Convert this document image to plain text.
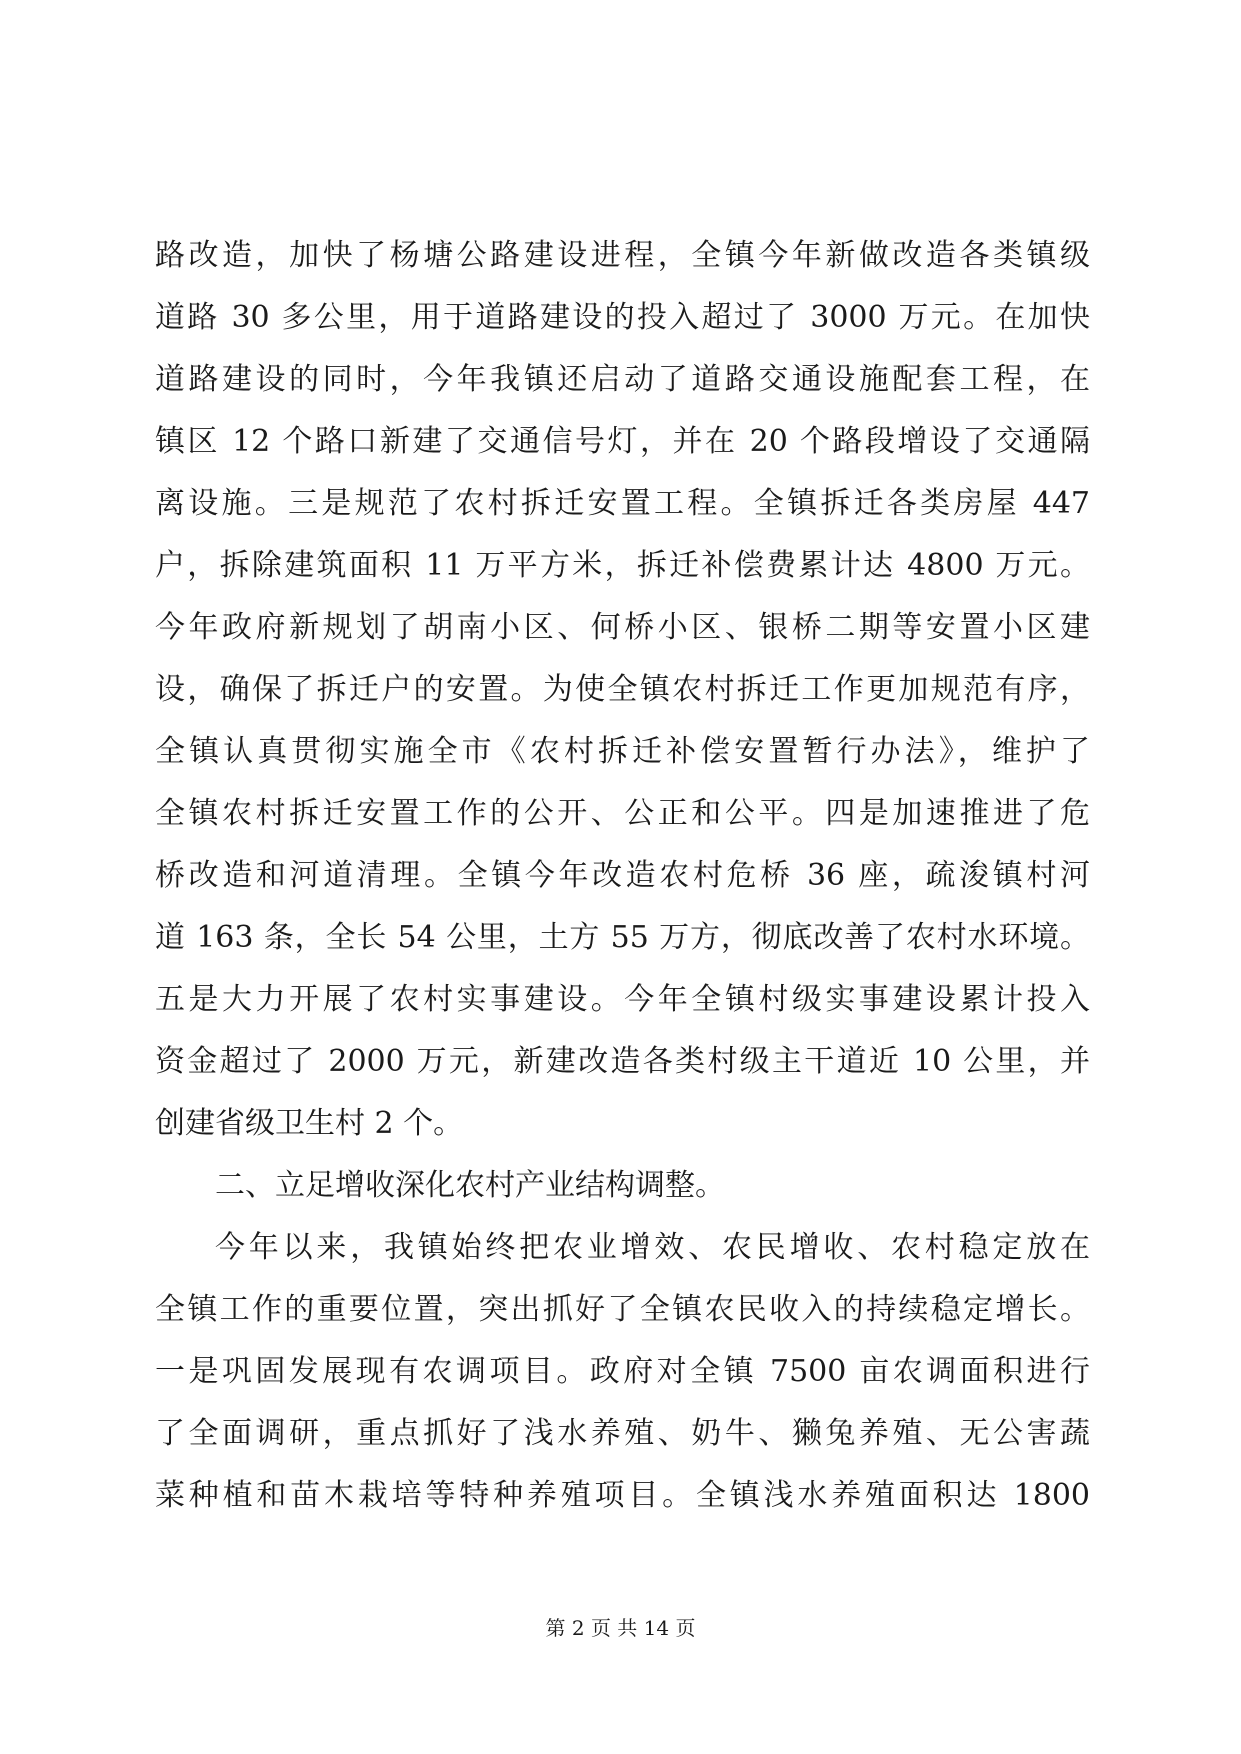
路改造，加快了杨塘公路建设进程，全镇今年新做改造各类镇级
道路 30 多公里，用于道路建设的投入超过了 3000 万元。在加快
道路建设的同时，今年我镇还启动了道路交通设施配套工程，在
镇区 12 个路口新建了交通信号灯，并在 20 个路段增设了交通隔
离设施。三是规范了农村拆迁安置工程。全镇拆迁各类房屋 447
户，拆除建筑面积 11 万平方米，拆迁补偿费累计达 4800 万元。
今年政府新规划了胡南小区、何桥小区、银桥二期等安置小区建
设，确保了拆迁户的安置。为使全镇农村拆迁工作更加规范有序，
全镇认真贯彻实施全市《农村拆迁补偿安置暂行办法》，维护了
全镇农村拆迁安置工作的公开、公正和公平。四是加速推进了危
桥改造和河道清理。全镇今年改造农村危桥 36 座，疏浚镇村河
道 163 条，全长 54 公里，土方 55 万方，彻底改善了农村水环境。
五是大力开展了农村实事建设。今年全镇村级实事建设累计投入
资金超过了 2000 万元，新建改造各类村级主干道近 10 公里，并
创建省级卫生村 2 个。
二、立足增收深化农村产业结构调整。
今年以来，我镇始终把农业增效、农民增收、农村稳定放在
全镇工作的重要位置，突出抓好了全镇农民收入的持续稳定增长。
一是巩固发展现有农调项目。政府对全镇 7500 亩农调面积进行
了全面调研，重点抓好了浅水养殖、奶牛、獭兔养殖、无公害蔬
菜种植和苗木栽培等特种养殖项目。全镇浅水养殖面积达 1800
第 2 页 共 14 页
